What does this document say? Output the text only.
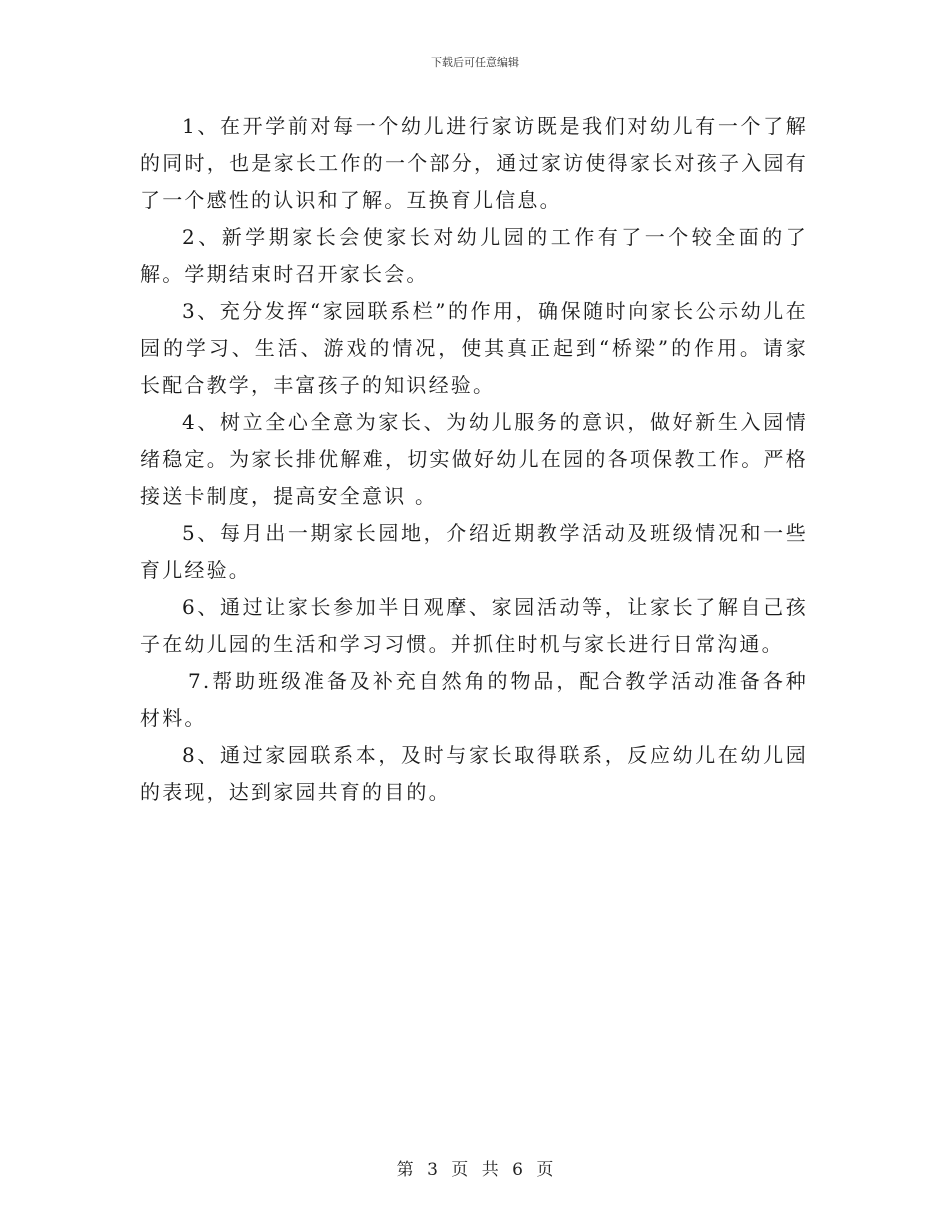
下载后可任意编辑

1、在开学前对每一个幼儿进行家访既是我们对幼儿有一个了解的同时，也是家长工作的一个部分，通过家访使得家长对孩子入园有了一个感性的认识和了解。互换育儿信息。

2、新学期家长会使家长对幼儿园的工作有了一个较全面的了解。学期结束时召开家长会。

3、充分发挥“家园联系栏”的作用，确保随时向家长公示幼儿在园的学习、生活、游戏的情况，使其真正起到“桥梁”的作用。请家长配合教学，丰富孩子的知识经验。

4、树立全心全意为家长、为幼儿服务的意识，做好新生入园情绪稳定。为家长排优解难，切实做好幼儿在园的各项保教工作。严格接送卡制度，提高安全意识 。

5、每月出一期家长园地，介绍近期教学活动及班级情况和一些育儿经验。

6、通过让家长参加半日观摩、家园活动等，让家长了解自己孩子在幼儿园的生活和学习习惯。并抓住时机与家长进行日常沟通。

7.帮助班级准备及补充自然角的物品，配合教学活动准备各种材料。

8、通过家园联系本，及时与家长取得联系，反应幼儿在幼儿园的表现，达到家园共育的目的。

第 3 页 共 6 页
